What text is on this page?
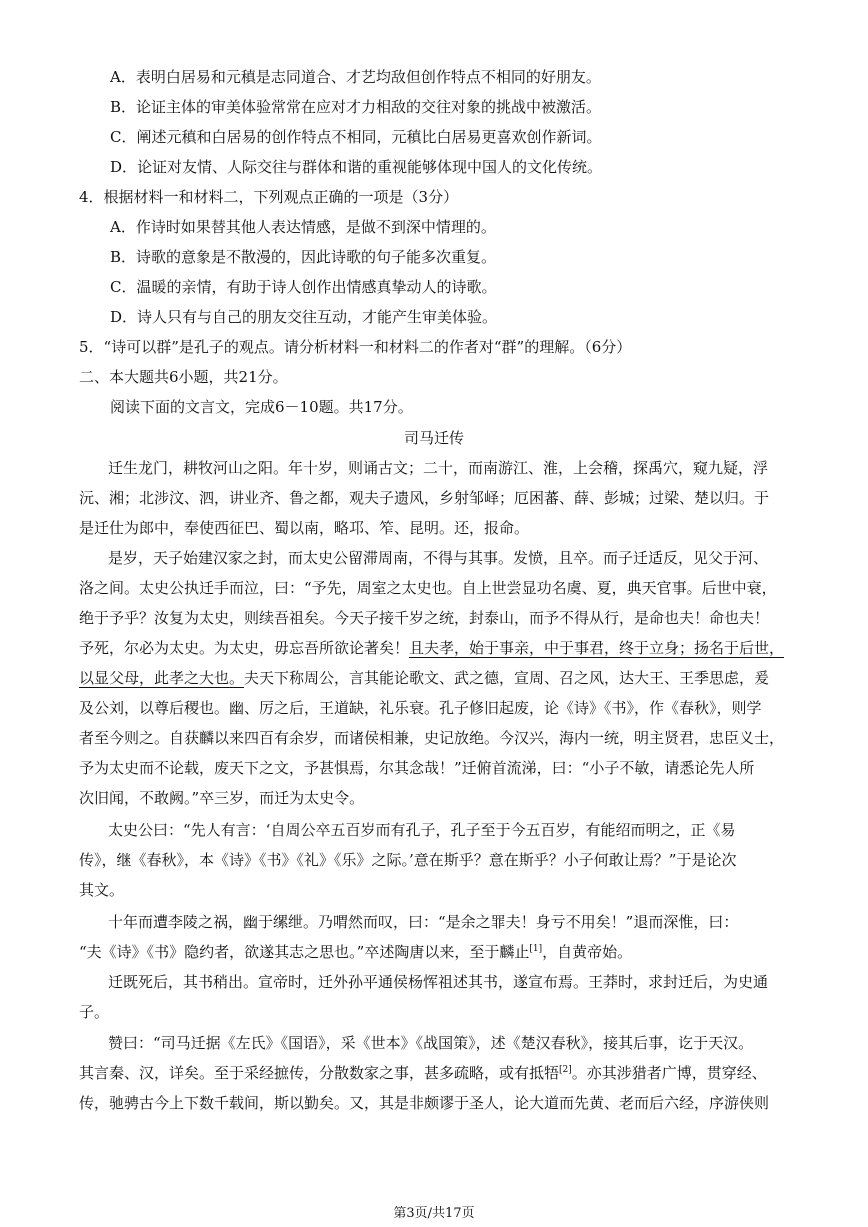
A．表明白居易和元稹是志同道合、才艺均敌但创作特点不相同的好朋友。
B．论证主体的审美体验常常在应对才力相敌的交往对象的挑战中被激活。
C．阐述元稹和白居易的创作特点不相同，元稹比白居易更喜欢创作新词。
D．论证对友情、人际交往与群体和谐的重视能够体现中国人的文化传统。
4．根据材料一和材料二，下列观点正确的一项是（3分）
A．作诗时如果替其他人表达情感，是做不到深中情理的。
B．诗歌的意象是不散漫的，因此诗歌的句子能多次重复。
C．温暖的亲情，有助于诗人创作出情感真挚动人的诗歌。
D．诗人只有与自己的朋友交往互动，才能产生审美体验。
5．“诗可以群”是孔子的观点。请分析材料一和材料二的作者对“群”的理解。（6分）
二、本大题共6小题，共21分。
阅读下面的文言文，完成6－10题。共17分。
司马迁传
迁生龙门，耕牧河山之阳。年十岁，则诵古文；二十，而南游江、淮，上会稽，探禹穴，窥九疑，浮
沅、湘；北涉汶、泗，讲业齐、鲁之都，观夫子遗风，乡射邹峄；厄困蕃、薛、彭城；过梁、楚以归。于
是迁仕为郎中，奉使西征巴、蜀以南，略邛、笮、昆明。还，报命。
是岁，天子始建汉家之封，而太史公留滞周南，不得与其事。发愤，且卒。而子迁适反，见父于河、
洛之间。太史公执迁手而泣，曰：“予先，周室之太史也。自上世尝显功名虞、夏，典天官事。后世中衰，
绝于予乎？汝复为太史，则续吾祖矣。今天子接千岁之统，封泰山，而予不得从行，是命也夫！命也夫！
予死，尔必为太史。为太史，毋忘吾所欲论著矣！且夫孝，始于事亲，中于事君，终于立身；扬名于后世，
以显父母，此孝之大也。夫天下称周公，言其能论歌文、武之德，宣周、召之风，达大王、王季思虑，爰
及公刘，以尊后稷也。幽、厉之后，王道缺，礼乐衰。孔子修旧起废，论《诗》《书》，作《春秋》，则学
者至今则之。自获麟以来四百有余岁，而诸侯相兼，史记放绝。今汉兴，海内一统，明主贤君，忠臣义士，
予为太史而不论载，废天下之文，予甚惧焉，尔其念哉！”迁俯首流涕，曰：“小子不敏，请悉论先人所
次旧闻，不敢阙。”卒三岁，而迁为太史令。
太史公曰：“先人有言：‘自周公卒五百岁而有孔子，孔子至于今五百岁，有能绍而明之，正《易
传》，继《春秋》，本《诗》《书》《礼》《乐》之际。’意在斯乎？意在斯乎？小子何敢让焉？”于是论次
其文。
十年而遭李陵之祸，幽于缧绁。乃喟然而叹，曰：“是余之罪夫！身亏不用矣！”退而深惟，曰：
“夫《诗》《书》隐约者，欲遂其志之思也。”卒述陶唐以来，至于麟止[1]，自黄帝始。
迁既死后，其书稍出。宣帝时，迁外孙平通侯杨恽祖述其书，遂宣布焉。王莽时，求封迁后，为史通
子。
赞曰：“司马迁据《左氏》《国语》，采《世本》《战国策》，述《楚汉春秋》，接其后事，讫于天汉。
其言秦、汉，详矣。至于采经摭传，分散数家之事，甚多疏略，或有抵牾[2]。亦其涉猎者广博，贯穿经、
传，驰骋古今上下数千载间，斯以勤矣。又，其是非颇谬于圣人，论大道而先黄、老而后六经，序游侠则
第3页/共17页
